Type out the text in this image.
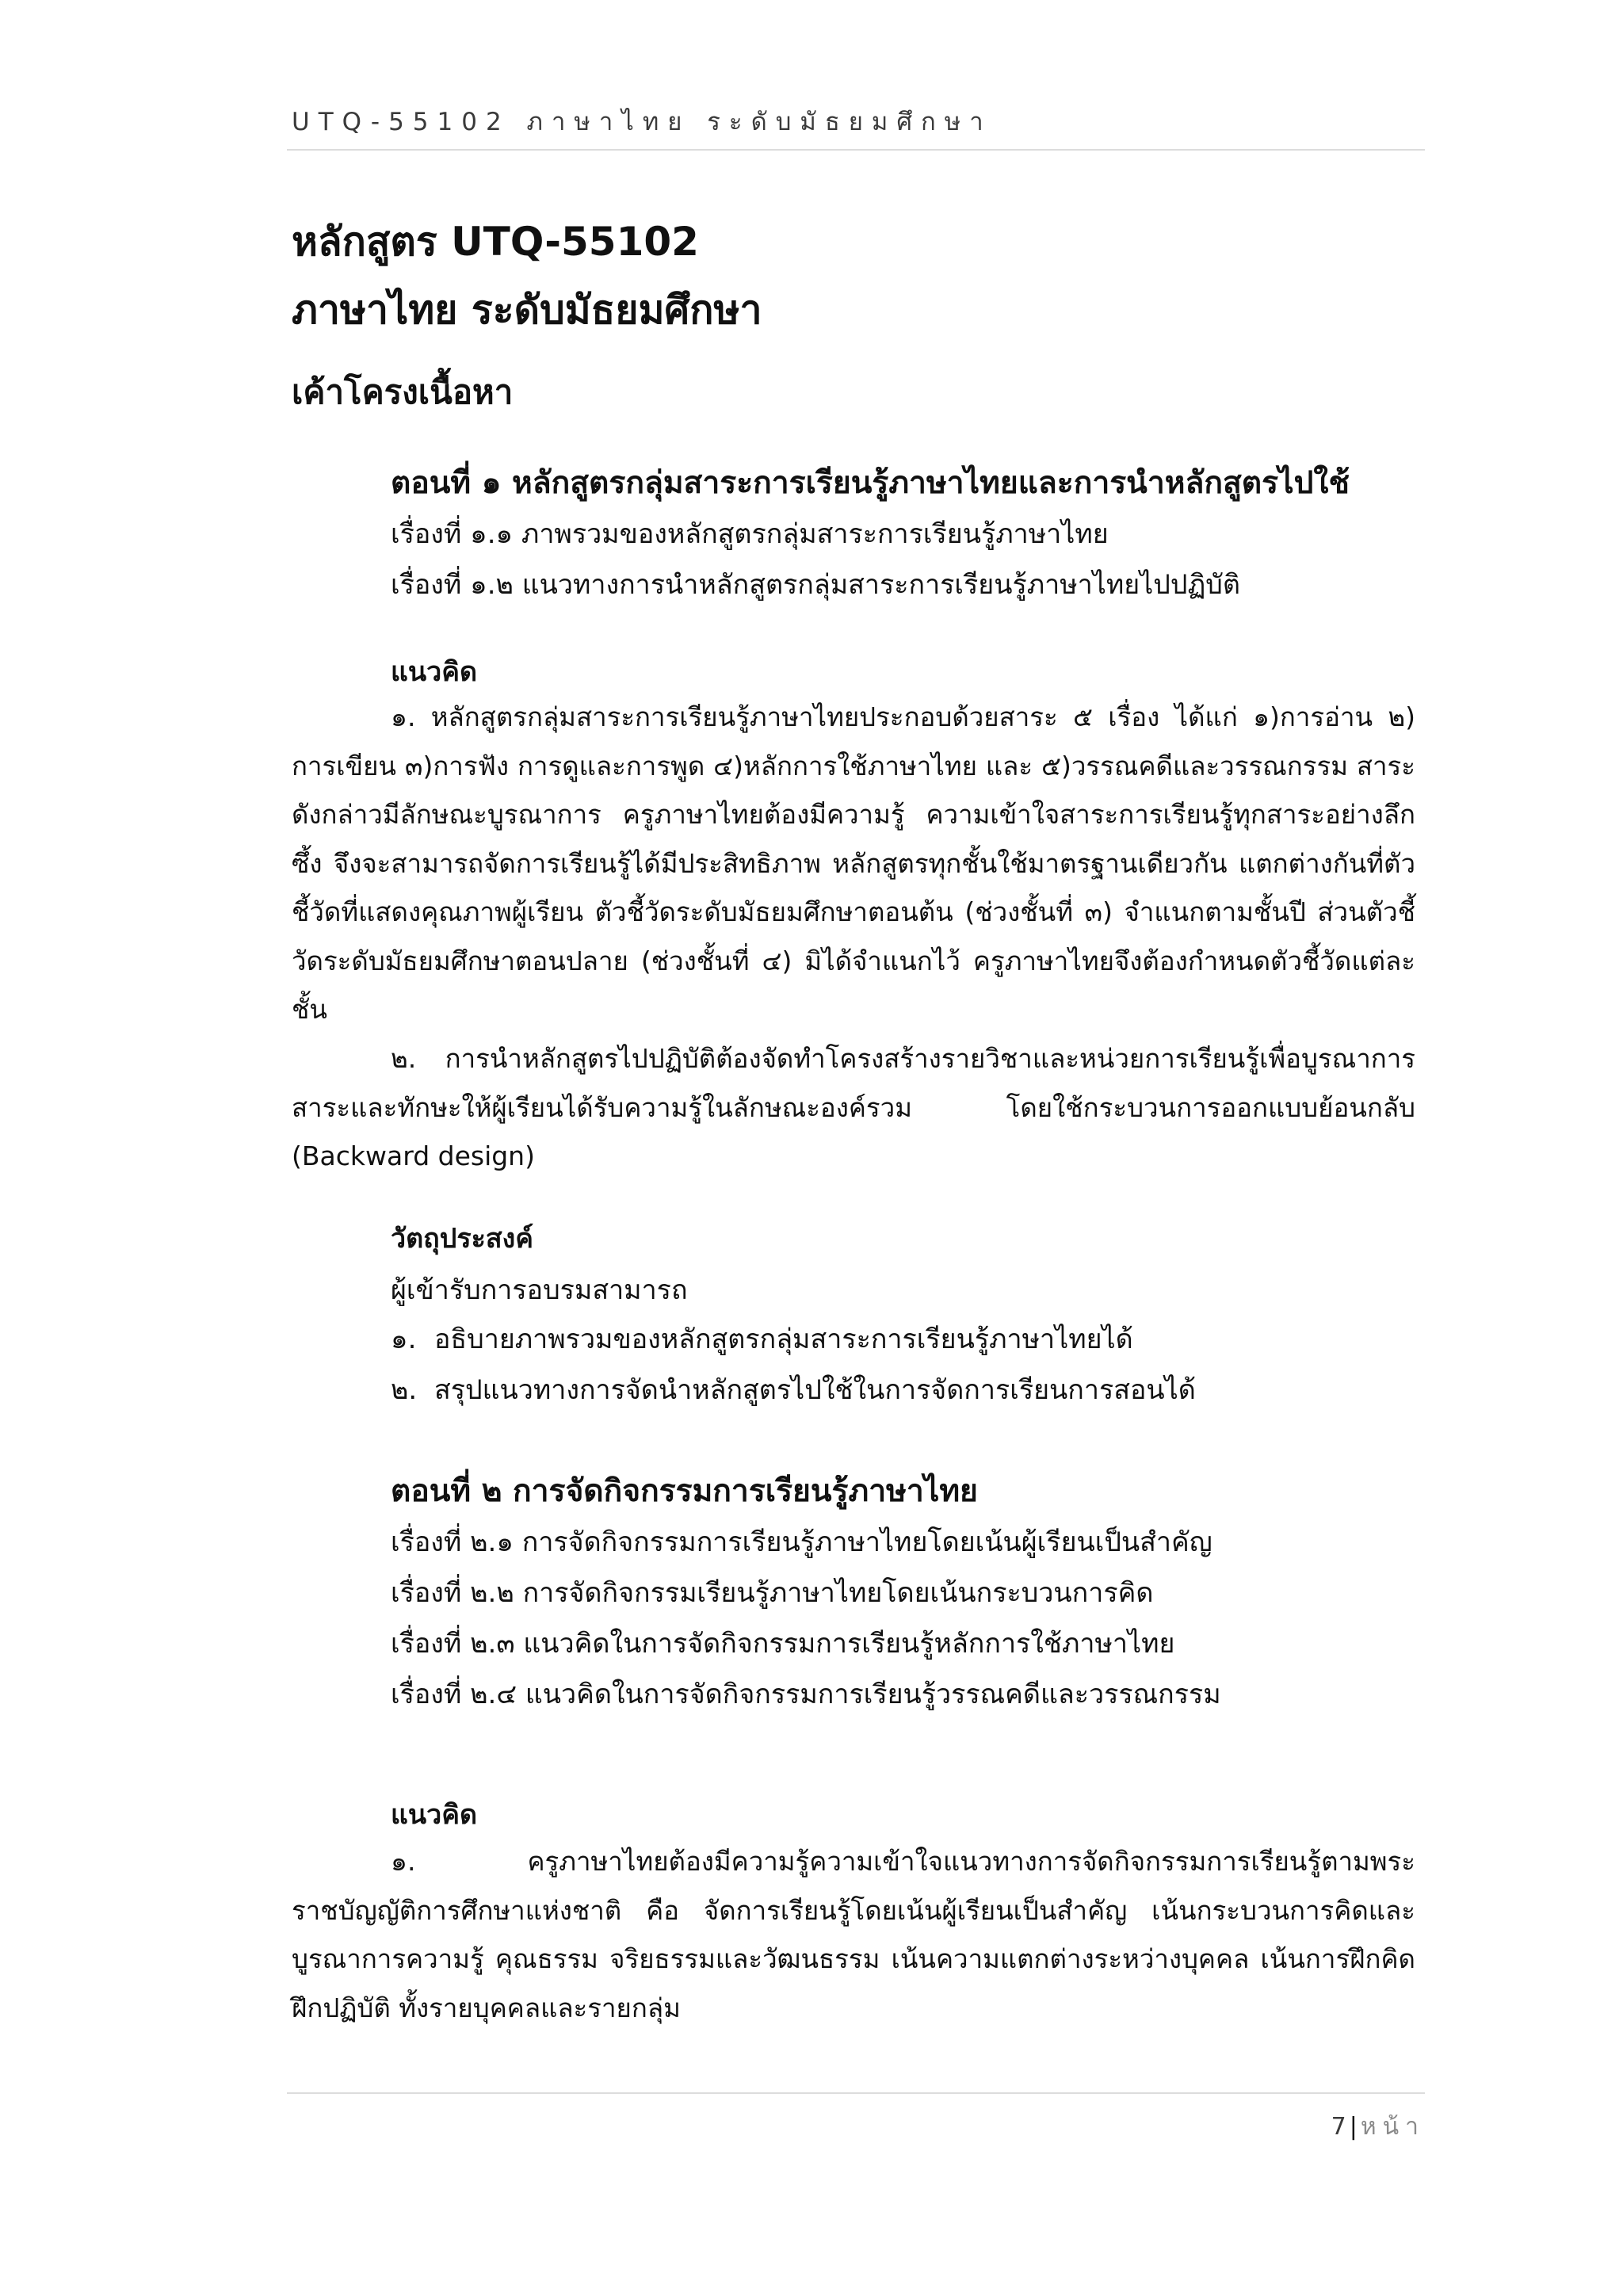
UTQ-55102 ภาษาไทย ระดับมัธยมศึกษา
หลักสูตร UTQ-55102
ภาษาไทย ระดับมัธยมศึกษา
เค้าโครงเนื้อหา
ตอนที่ ๑ หลักสูตรกลุ่มสาระการเรียนรู้ภาษาไทยและการนำหลักสูตรไปใช้
เรื่องที่ ๑.๑ ภาพรวมของหลักสูตรกลุ่มสาระการเรียนรู้ภาษาไทย
เรื่องที่ ๑.๒ แนวทางการนำหลักสูตรกลุ่มสาระการเรียนรู้ภาษาไทยไปปฏิบัติ
แนวคิด

๑. หลักสูตรกลุ่มสาระการเรียนรู้ภาษาไทยประกอบด้วยสาระ ๕ เรื่อง ได้แก่ ๑)การอ่าน ๒) การเขียน ๓)การฟัง การดูและการพูด ๔)หลักการใช้ภาษาไทย และ ๕)วรรณคดีและวรรณกรรม สาระดังกล่าวมีลักษณะบูรณาการ ครูภาษาไทยต้องมีความรู้ ความเข้าใจสาระการเรียนรู้ทุกสาระอย่างลึกซึ้ง จึงจะสามารถจัดการเรียนรู้ได้มีประสิทธิภาพ หลักสูตรทุกชั้นใช้มาตรฐานเดียวกัน แตกต่างกันที่ตัวชี้วัดที่แสดงคุณภาพผู้เรียน ตัวชี้วัดระดับมัธยมศึกษาตอนต้น (ช่วงชั้นที่ ๓) จำแนกตามชั้นปี ส่วนตัวชี้วัดระดับมัธยมศึกษาตอนปลาย (ช่วงชั้นที่ ๔) มิได้จำแนกไว้ ครูภาษาไทยจึงต้องกำหนดตัวชี้วัดแต่ละชั้น

๒. การนำหลักสูตรไปปฏิบัติต้องจัดทำโครงสร้างรายวิชาและหน่วยการเรียนรู้เพื่อบูรณาการสาระและทักษะให้ผู้เรียนได้รับความรู้ในลักษณะองค์รวม โดยใช้กระบวนการออกแบบย้อนกลับ (Backward design)

วัตถุประสงค์
ผู้เข้ารับการอบรมสามารถ
๑. อธิบายภาพรวมของหลักสูตรกลุ่มสาระการเรียนรู้ภาษาไทยได้
๒. สรุปแนวทางการจัดนำหลักสูตรไปใช้ในการจัดการเรียนการสอนได้
ตอนที่ ๒ การจัดกิจกรรมการเรียนรู้ภาษาไทย
เรื่องที่ ๒.๑ การจัดกิจกรรมการเรียนรู้ภาษาไทยโดยเน้นผู้เรียนเป็นสำคัญ
เรื่องที่ ๒.๒ การจัดกิจกรรมเรียนรู้ภาษาไทยโดยเน้นกระบวนการคิด
เรื่องที่ ๒.๓ แนวคิดในการจัดกิจกรรมการเรียนรู้หลักการใช้ภาษาไทย
เรื่องที่ ๒.๔ แนวคิดในการจัดกิจกรรมการเรียนรู้วรรณคดีและวรรณกรรม
แนวคิด

๑.          ครูภาษาไทยต้องมีความรู้ความเข้าใจแนวทางการจัดกิจกรรมการเรียนรู้ตามพระราชบัญญัติการศึกษาแห่งชาติ คือ จัดการเรียนรู้โดยเน้นผู้เรียนเป็นสำคัญ เน้นกระบวนการคิดและบูรณาการความรู้ คุณธรรม จริยธรรมและวัฒนธรรม เน้นความแตกต่างระหว่างบุคคล เน้นการฝึกคิด ฝึกปฏิบัติ ทั้งรายบุคคลและรายกลุ่ม

7 | หน้า
